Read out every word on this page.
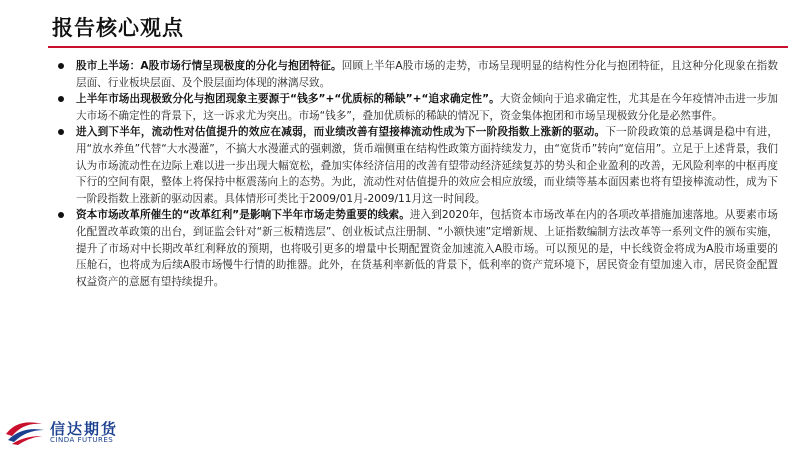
报告核心观点

股市上半场：A股市场行情呈现极度的分化与抱团特征。回顾上半年A股市场的走势，市场呈现明显的结构性分化与抱团特征，且这种分化现象在指数层面、行业板块层面、及个股层面均体现的淋漓尽致。

上半年市场出现极致分化与抱团现象主要源于“钱多”+“优质标的稀缺”+“追求确定性”。大资金倾向于追求确定性，尤其是在今年疫情冲击进一步加大市场不确定性的背景下，这一诉求尤为突出。市场“钱多”，叠加优质标的稀缺的情况下，资金集体抱团和市场呈现极致分化是必然事件。

进入到下半年，流动性对估值提升的效应在减弱，而业绩改善有望接棒流动性成为下一阶段指数上涨新的驱动。下一阶段政策的总基调是稳中有进，用“放水养鱼”代替“大水漫灌”，不搞大水漫灌式的强刺激，货币端侧重在结构性政策方面持续发力，由“宽货币”转向“宽信用”。立足于上述背景，我们认为市场流动性在边际上难以进一步出现大幅宽松，叠加实体经济信用的改善有望带动经济延续复苏的势头和企业盈利的改善，无风险利率的中枢再度下行的空间有限，整体上将保持中枢震荡向上的态势。为此，流动性对估值提升的效应会相应放缓，而业绩等基本面因素也将有望接棒流动性，成为下一阶段指数上涨新的驱动因素。具体情形可类比于2009/01月-2009/11月这一时间段。

资本市场改革所催生的“改革红利”是影响下半年市场走势重要的线索。进入到2020年，包括资本市场改革在内的各项改革措施加速落地。从要素市场化配置改革政策的出台，到证监会针对“新三板精选层”、创业板试点注册制、“小额快速”定增新规、上证指数编制方法改革等一系列文件的颁布实施，提升了市场对中长期改革红利释放的预期，也将吸引更多的增量中长期配置资金加速流入A股市场。可以预见的是，中长线资金将成为A股市场重要的压舱石，也将成为后续A股市场慢牛行情的助推器。此外，在货基利率新低的背景下，低利率的资产荒环境下，居民资金有望加速入市，居民资金配置权益资产的意愿有望持续提升。

信达期货
CINDA FUTURES
